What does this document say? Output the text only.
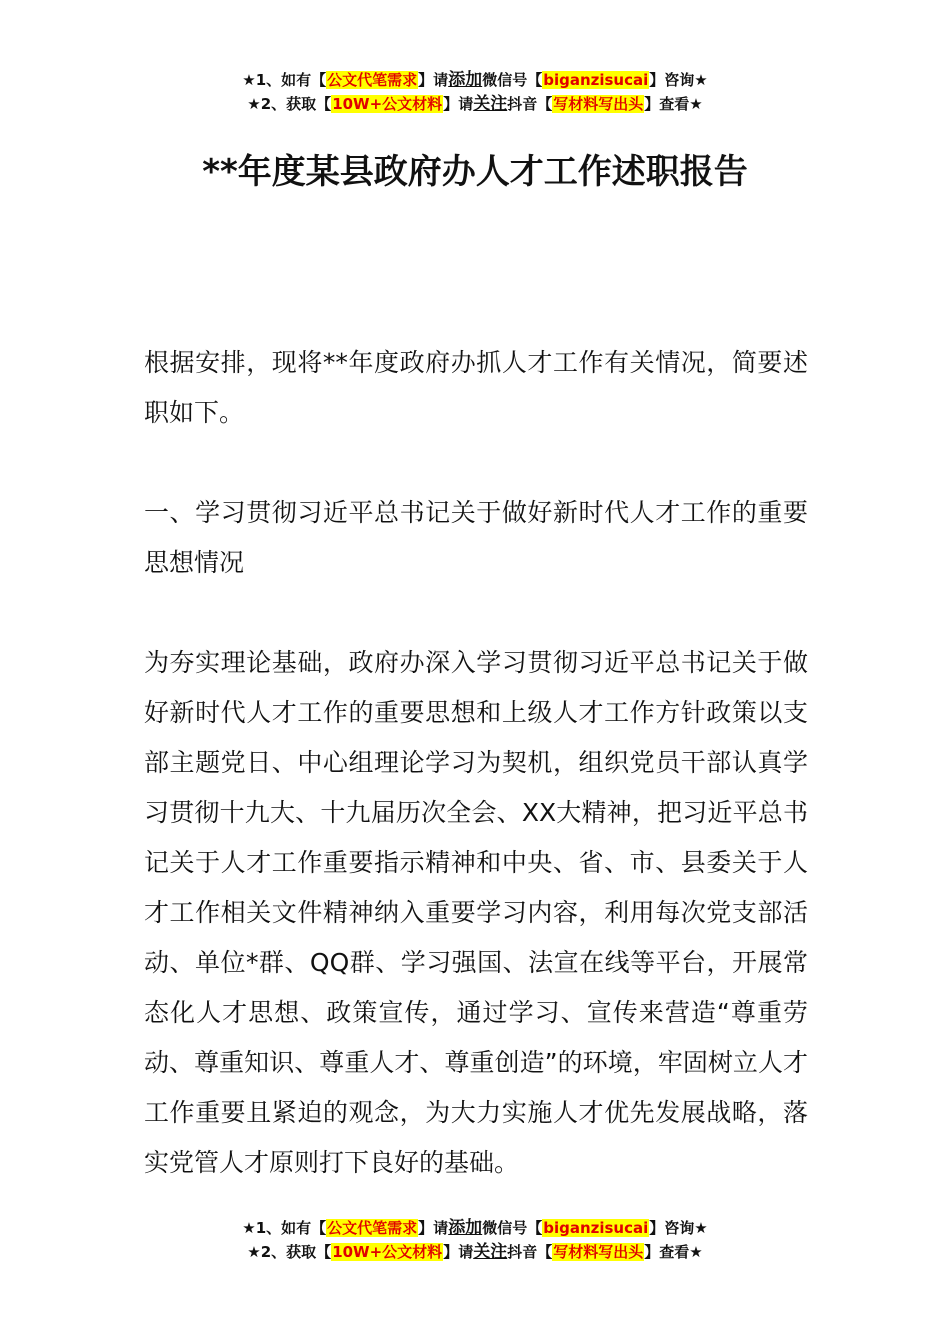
★1、如有【公文代笔需求】请添加微信号【biganzisucai】咨询★
★2、获取【10W+公文材料】请关注抖音【写材料写出头】查看★
**年度某县政府办人才工作述职报告

根据安排，现将**年度政府办抓人才工作有关情况，简要述职如下。

一、学习贯彻习近平总书记关于做好新时代人才工作的重要思想情况

为夯实理论基础，政府办深入学习贯彻习近平总书记关于做好新时代人才工作的重要思想和上级人才工作方针政策以支部主题党日、中心组理论学习为契机，组织党员干部认真学习贯彻十九大、十九届历次全会、XX大精神，把习近平总书记关于人才工作重要指示精神和中央、省、市、县委关于人才工作相关文件精神纳入重要学习内容，利用每次党支部活动、单位*群、QQ群、学习强国、法宣在线等平台，开展常态化人才思想、政策宣传，通过学习、宣传来营造“尊重劳动、尊重知识、尊重人才、尊重创造”的环境，牢固树立人才工作重要且紧迫的观念，为大力实施人才优先发展战略，落实党管人才原则打下良好的基础。

★1、如有【公文代笔需求】请添加微信号【biganzisucai】咨询★
★2、获取【10W+公文材料】请关注抖音【写材料写出头】查看★
